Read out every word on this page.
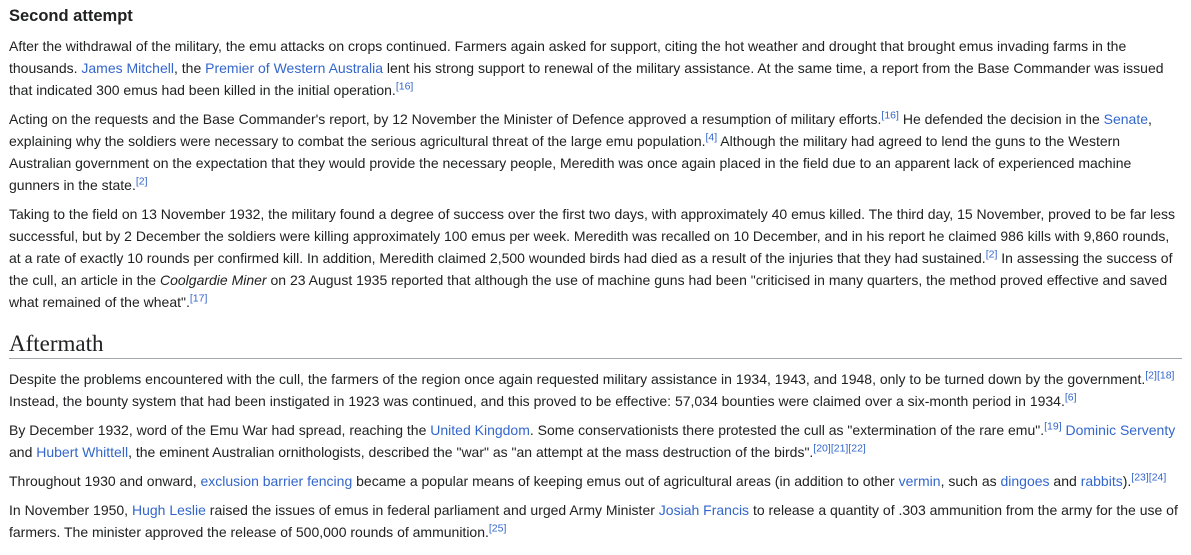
Second attempt

After the withdrawal of the military, the emu attacks on crops continued. Farmers again asked for support, citing the hot weather and drought that brought emus invading farms in the thousands. James Mitchell, the Premier of Western Australia lent his strong support to renewal of the military assistance. At the same time, a report from the Base Commander was issued that indicated 300 emus had been killed in the initial operation.[16]

Acting on the requests and the Base Commander's report, by 12 November the Minister of Defence approved a resumption of military efforts.[16] He defended the decision in the Senate, explaining why the soldiers were necessary to combat the serious agricultural threat of the large emu population.[4] Although the military had agreed to lend the guns to the Western Australian government on the expectation that they would provide the necessary people, Meredith was once again placed in the field due to an apparent lack of experienced machine gunners in the state.[2]

Taking to the field on 13 November 1932, the military found a degree of success over the first two days, with approximately 40 emus killed. The third day, 15 November, proved to be far less successful, but by 2 December the soldiers were killing approximately 100 emus per week. Meredith was recalled on 10 December, and in his report he claimed 986 kills with 9,860 rounds, at a rate of exactly 10 rounds per confirmed kill. In addition, Meredith claimed 2,500 wounded birds had died as a result of the injuries that they had sustained.[2] In assessing the success of the cull, an article in the Coolgardie Miner on 23 August 1935 reported that although the use of machine guns had been "criticised in many quarters, the method proved effective and saved what remained of the wheat".[17]

Aftermath

Despite the problems encountered with the cull, the farmers of the region once again requested military assistance in 1934, 1943, and 1948, only to be turned down by the government.[2][18] Instead, the bounty system that had been instigated in 1923 was continued, and this proved to be effective: 57,034 bounties were claimed over a six-month period in 1934.[6]

By December 1932, word of the Emu War had spread, reaching the United Kingdom. Some conservationists there protested the cull as "extermination of the rare emu".[19] Dominic Serventy and Hubert Whittell, the eminent Australian ornithologists, described the "war" as "an attempt at the mass destruction of the birds".[20][21][22]

Throughout 1930 and onward, exclusion barrier fencing became a popular means of keeping emus out of agricultural areas (in addition to other vermin, such as dingoes and rabbits).[23][24]

In November 1950, Hugh Leslie raised the issues of emus in federal parliament and urged Army Minister Josiah Francis to release a quantity of .303 ammunition from the army for the use of farmers. The minister approved the release of 500,000 rounds of ammunition.[25]
